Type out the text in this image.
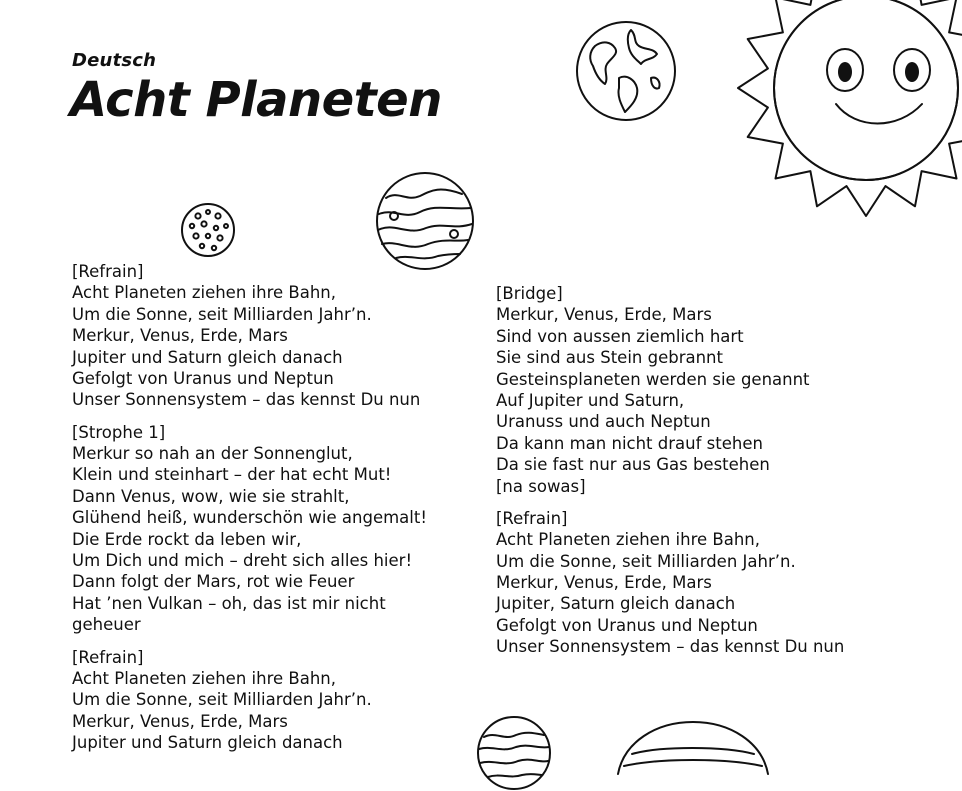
Deutsch
Acht Planeten
[Refrain]
Acht Planeten ziehen ihre Bahn,
Um die Sonne, seit Milliarden Jahr’n.
Merkur, Venus, Erde, Mars
Jupiter und Saturn gleich danach
Gefolgt von Uranus und Neptun
Unser Sonnensystem – das kennst Du nun
[Strophe 1]
Merkur so nah an der Sonnenglut,
Klein und steinhart – der hat echt Mut!
Dann Venus, wow, wie sie strahlt,
Glühend heiß, wunderschön wie angemalt!
Die Erde rockt da leben wir,
Um Dich und mich – dreht sich alles hier!
Dann folgt der Mars, rot wie Feuer
Hat ’nen Vulkan – oh, das ist mir nicht
geheuer
[Refrain]
Acht Planeten ziehen ihre Bahn,
Um die Sonne, seit Milliarden Jahr’n.
Merkur, Venus, Erde, Mars
Jupiter und Saturn gleich danach
[Bridge]
Merkur, Venus, Erde, Mars
Sind von aussen ziemlich hart
Sie sind aus Stein gebrannt
Gesteinsplaneten werden sie genannt
Auf Jupiter und Saturn,
Uranuss und auch Neptun
Da kann man nicht drauf stehen
Da sie fast nur aus Gas bestehen
[na sowas]
[Refrain]
Acht Planeten ziehen ihre Bahn,
Um die Sonne, seit Milliarden Jahr’n.
Merkur, Venus, Erde, Mars
Jupiter, Saturn gleich danach
Gefolgt von Uranus und Neptun
Unser Sonnensystem – das kennst Du nun
